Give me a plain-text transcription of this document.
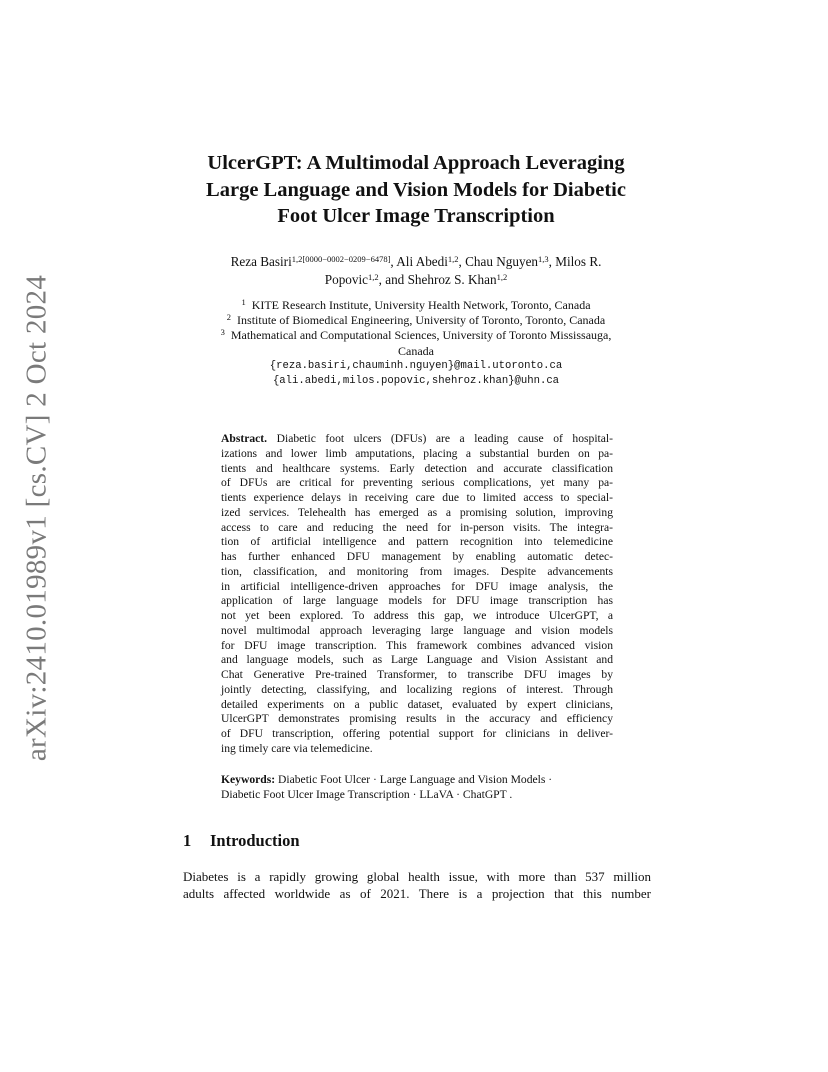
arXiv:2410.01989v1 [cs.CV] 2 Oct 2024
UlcerGPT: A Multimodal Approach Leveraging
Large Language and Vision Models for Diabetic
Foot Ulcer Image Transcription
Reza Basiri$^{1,2[0000-0002-0209-6478]}$, Ali Abedi$^{1,2}$, Chau Nguyen$^{1,3}$, Milos R.
Popovic$^{1,2}$, and Shehroz S. Khan$^{1,2}$
$^1$ KITE Research Institute, University Health Network, Toronto, Canada
$^2$ Institute of Biomedical Engineering, University of Toronto, Toronto, Canada
$^3$ Mathematical and Computational Sciences, University of Toronto Mississauga,
Canada
{reza.basiri,chauminh.nguyen}@mail.utoronto.ca
{ali.abedi,milos.popovic,shehroz.khan}@uhn.ca
Abstract. Diabetic foot ulcers (DFUs) are a leading cause of hospital-
izations and lower limb amputations, placing a substantial burden on pa-
tients and healthcare systems. Early detection and accurate classification
of DFUs are critical for preventing serious complications, yet many pa-
tients experience delays in receiving care due to limited access to special-
ized services. Telehealth has emerged as a promising solution, improving
access to care and reducing the need for in-person visits. The integra-
tion of artificial intelligence and pattern recognition into telemedicine
has further enhanced DFU management by enabling automatic detec-
tion, classification, and monitoring from images. Despite advancements
in artificial intelligence-driven approaches for DFU image analysis, the
application of large language models for DFU image transcription has
not yet been explored. To address this gap, we introduce UlcerGPT, a
novel multimodal approach leveraging large language and vision models
for DFU image transcription. This framework combines advanced vision
and language models, such as Large Language and Vision Assistant and
Chat Generative Pre-trained Transformer, to transcribe DFU images by
jointly detecting, classifying, and localizing regions of interest. Through
detailed experiments on a public dataset, evaluated by expert clinicians,
UlcerGPT demonstrates promising results in the accuracy and efficiency
of DFU transcription, offering potential support for clinicians in deliver-
ing timely care via telemedicine.
Keywords: Diabetic Foot Ulcer · Large Language and Vision Models ·
Diabetic Foot Ulcer Image Transcription · LLaVA · ChatGPT .
1 Introduction
Diabetes is a rapidly growing global health issue, with more than 537 million
adults affected worldwide as of 2021. There is a projection that this number
